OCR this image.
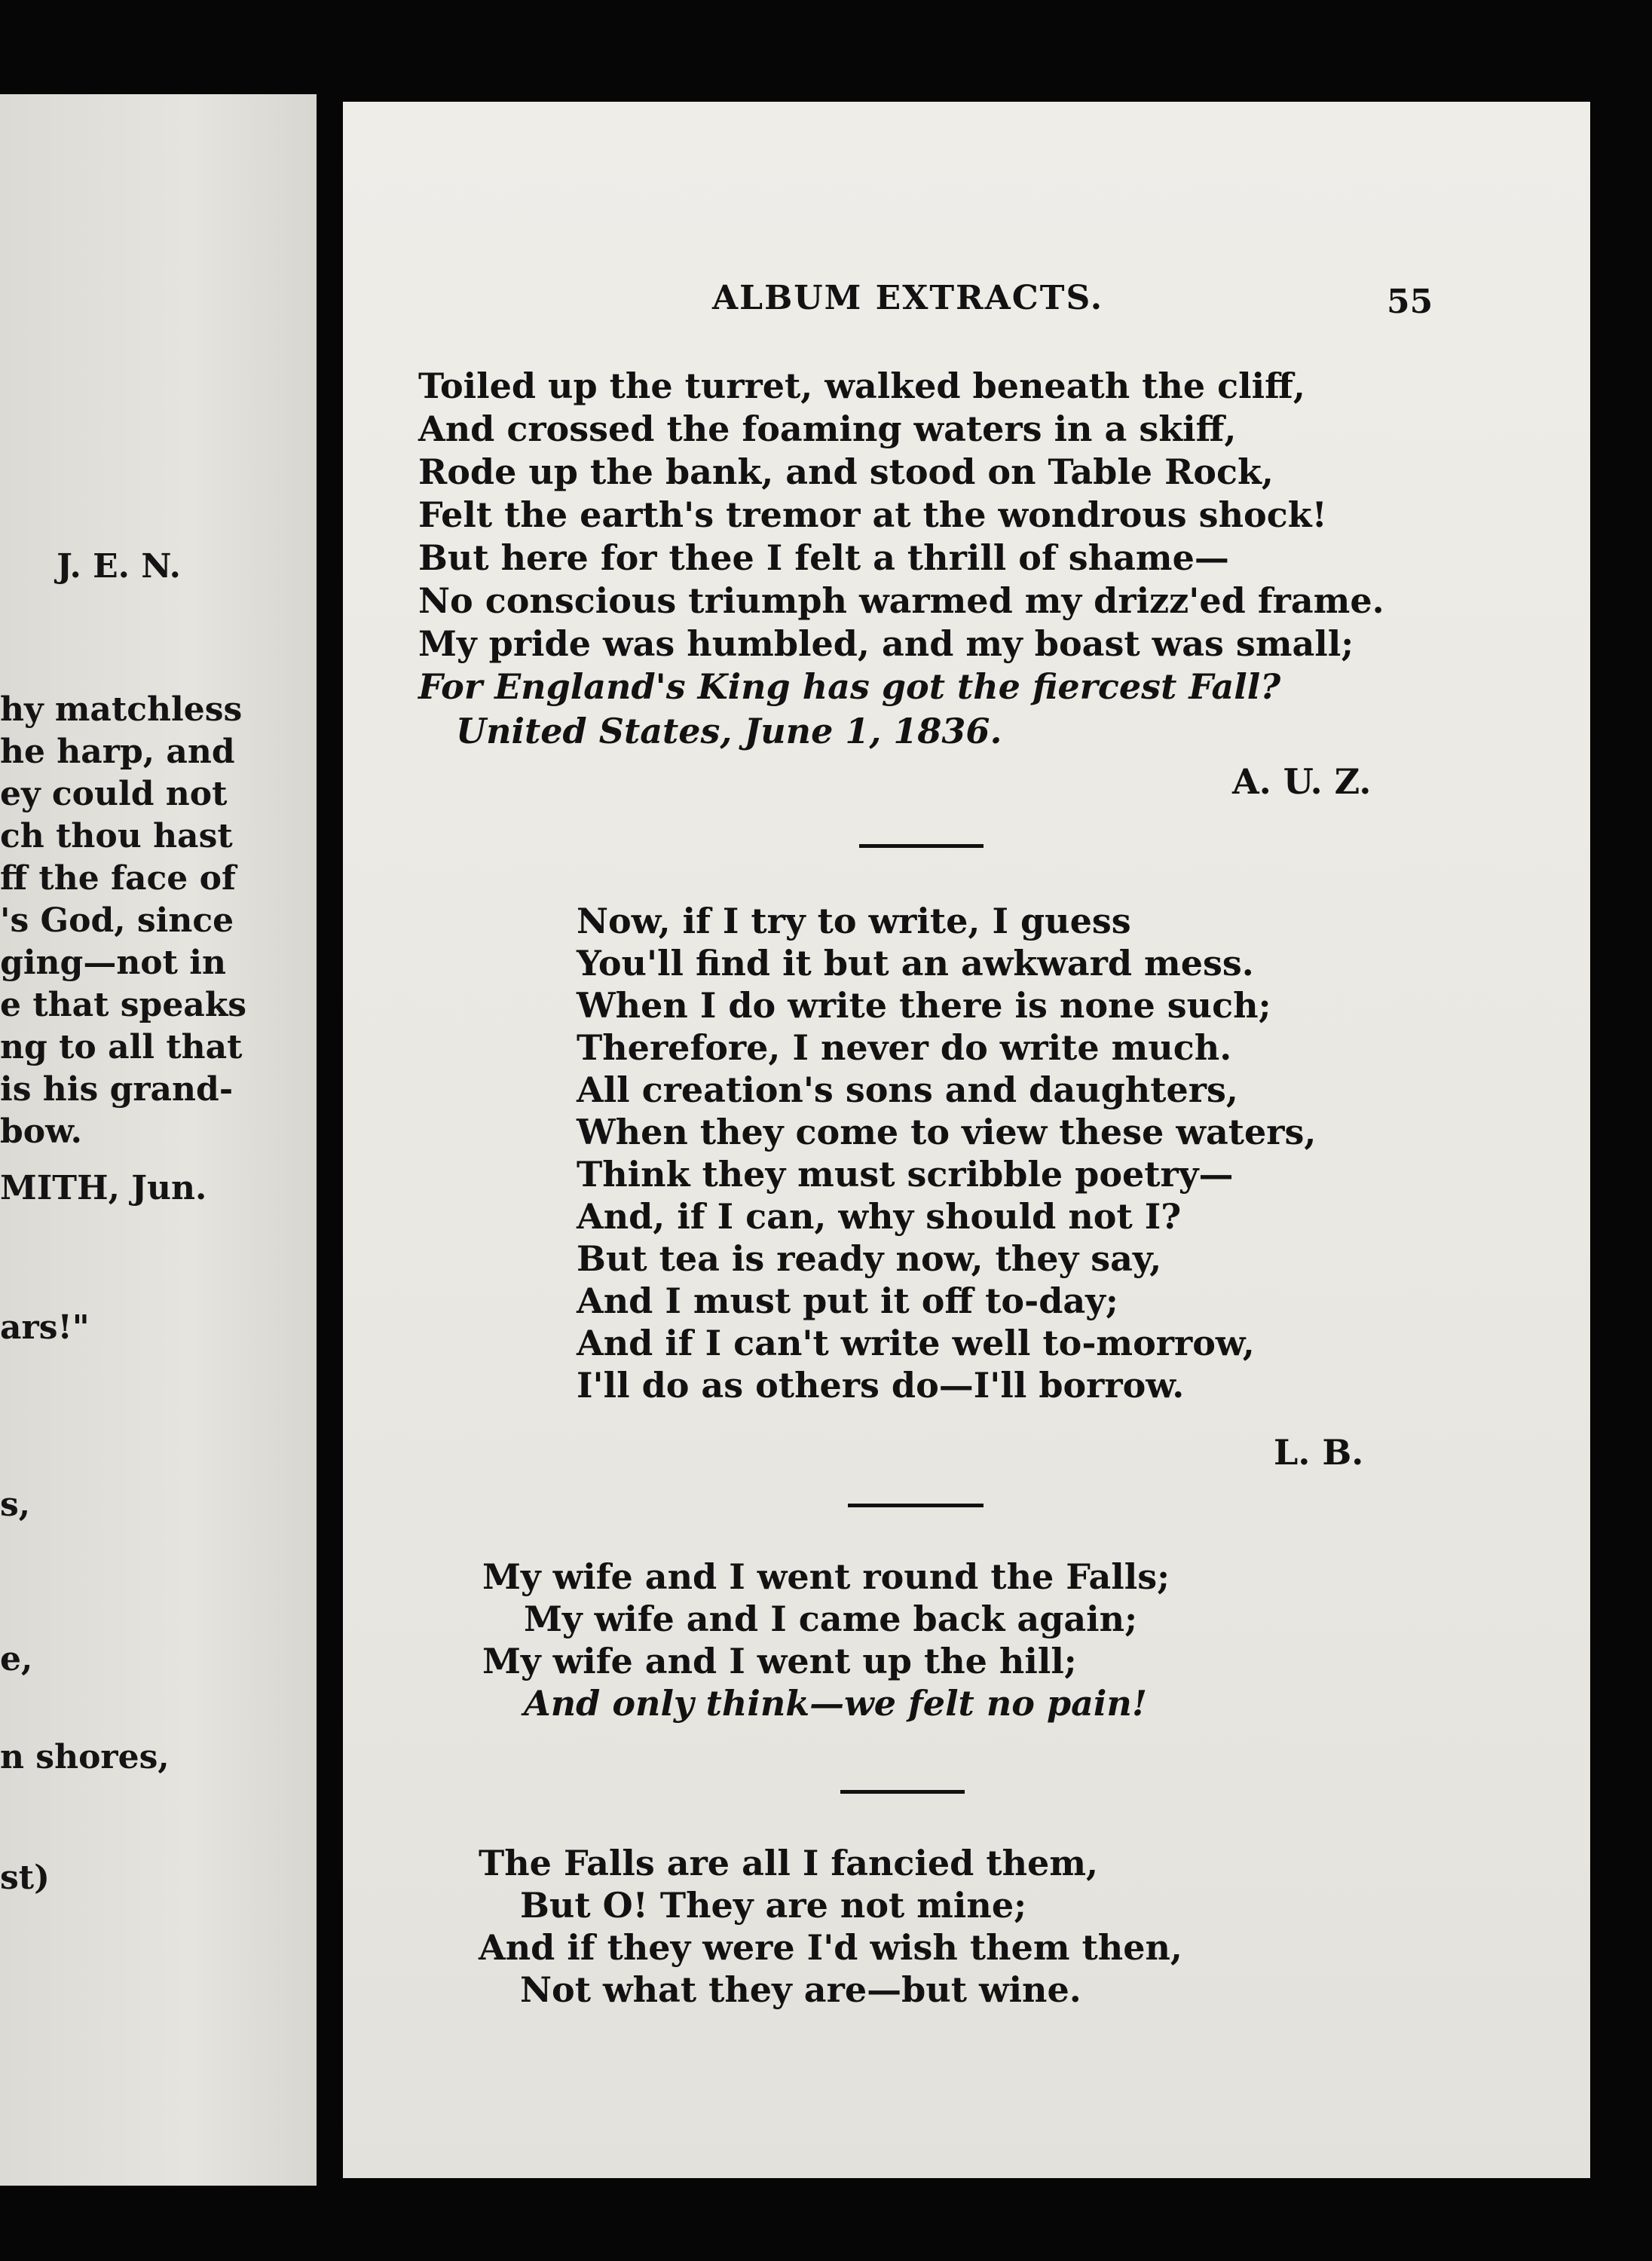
J. E. N.
hy matchless
he harp, and
ey could not
ch thou hast
ff the face of
's God, since
ging—not in
e that speaks
ng to all that
is his grand-
bow.
MITH, Jun.
ars!"
s,
e,
n shores,
st)
ALBUM EXTRACTS.	55
Toiled up the turret, walked beneath the cliff,
And crossed the foaming waters in a skiff,
Rode up the bank, and stood on Table Rock,
Felt the earth's tremor at the wondrous shock!
But here for thee I felt a thrill of shame—
No conscious triumph warmed my drizz'ed frame.
My pride was humbled, and my boast was small;
For England's King has got the fiercest Fall?
United States, June 1, 1836.
A. U. Z.
Now, if I try to write, I guess
You'll find it but an awkward mess.
When I do write there is none such;
Therefore, I never do write much.
All creation's sons and daughters,
When they come to view these waters,
Think they must scribble poetry—
And, if I can, why should not I?
But tea is ready now, they say,
And I must put it off to-day;
And if I can't write well to-morrow,
I'll do as others do—I'll borrow.
L. B.
My wife and I went round the Falls;
My wife and I came back again;
My wife and I went up the hill;
And only think—we felt no pain!
The Falls are all I fancied them,
But O! They are not mine;
And if they were I'd wish them then,
Not what they are—but wine.
